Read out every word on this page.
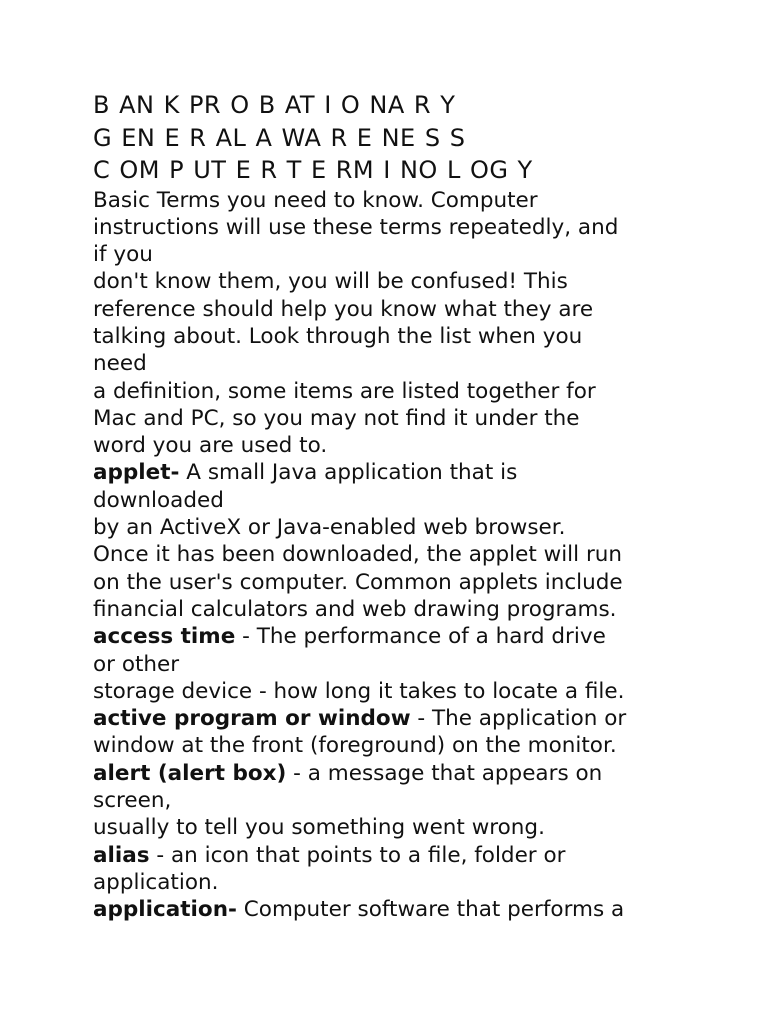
B AN K PR O B AT I O NA R Y
G EN E R AL A WA R E NE S S
C OM P UT E R T E RM I NO L OG Y
Basic Terms you need to know. Computer
instructions will use these terms repeatedly, and
if you
don't know them, you will be confused! This
reference should help you know what they are
talking about. Look through the list when you
need
a definition, some items are listed together for
Mac and PC, so you may not find it under the
word you are used to.
applet- A small Java application that is
downloaded
by an ActiveX or Java-enabled web browser.
Once it has been downloaded, the applet will run
on the user's computer. Common applets include
financial calculators and web drawing programs.
access time - The performance of a hard drive
or other
storage device - how long it takes to locate a file.
active program or window - The application or
window at the front (foreground) on the monitor.
alert (alert box) - a message that appears on
screen,
usually to tell you something went wrong.
alias - an icon that points to a file, folder or
application.
application- Computer software that performs a
